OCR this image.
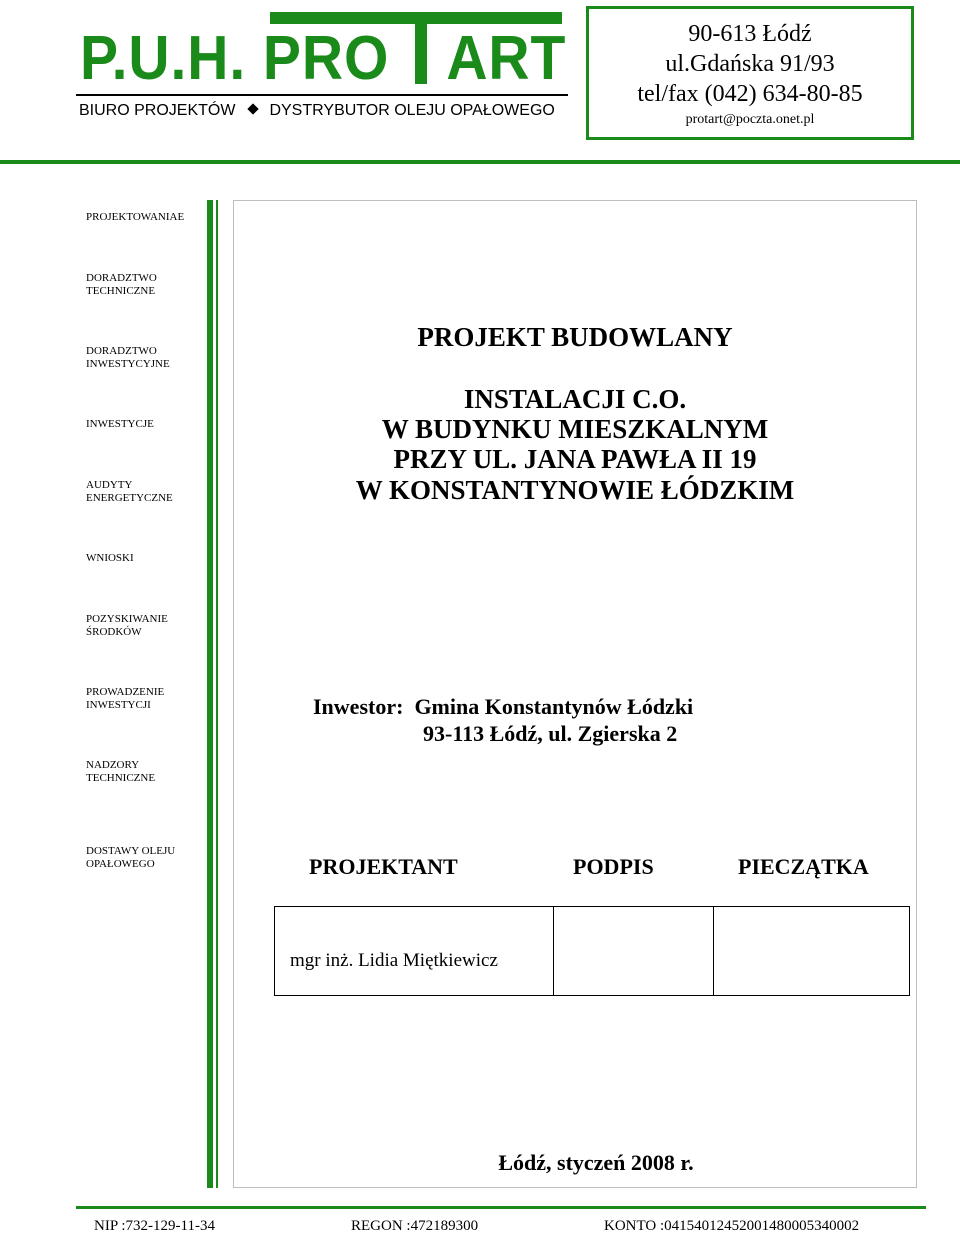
P.U.H. PRO ART
BIURO PROJEKTÓW DYSTRYBUTOR OLEJU OPAŁOWEGO
90-613 Łódź
ul.Gdańska 91/93
tel/fax (042) 634-80-85
protart@poczta.onet.pl
PROJEKTOWANIAE
DORADZTWO
TECHNICZNE
DORADZTWO
INWESTYCYJNE
INWESTYCJE
AUDYTY
ENERGETYCZNE
WNIOSKI
POZYSKIWANIE
ŚRODKÓW
PROWADZENIE
INWESTYCJI
NADZORY
TECHNICZNE
DOSTAWY OLEJU
OPAŁOWEGO
PROJEKT BUDOWLANY
INSTALACJI C.O.
W BUDYNKU MIESZKALNYM
PRZY UL. JANA PAWŁA II 19
W KONSTANTYNOWIE ŁÓDZKIM
Inwestor: Gmina Konstantynów Łódzki
93-113 Łódź, ul. Zgierska 2
PROJEKTANT	PODPIS	PIECZĄTKA
mgr inż. Lidia Miętkiewicz
Łódź, styczeń 2008 r.
NIP :732-129-11-34	REGON :472189300	KONTO :04154012452001480005340002
